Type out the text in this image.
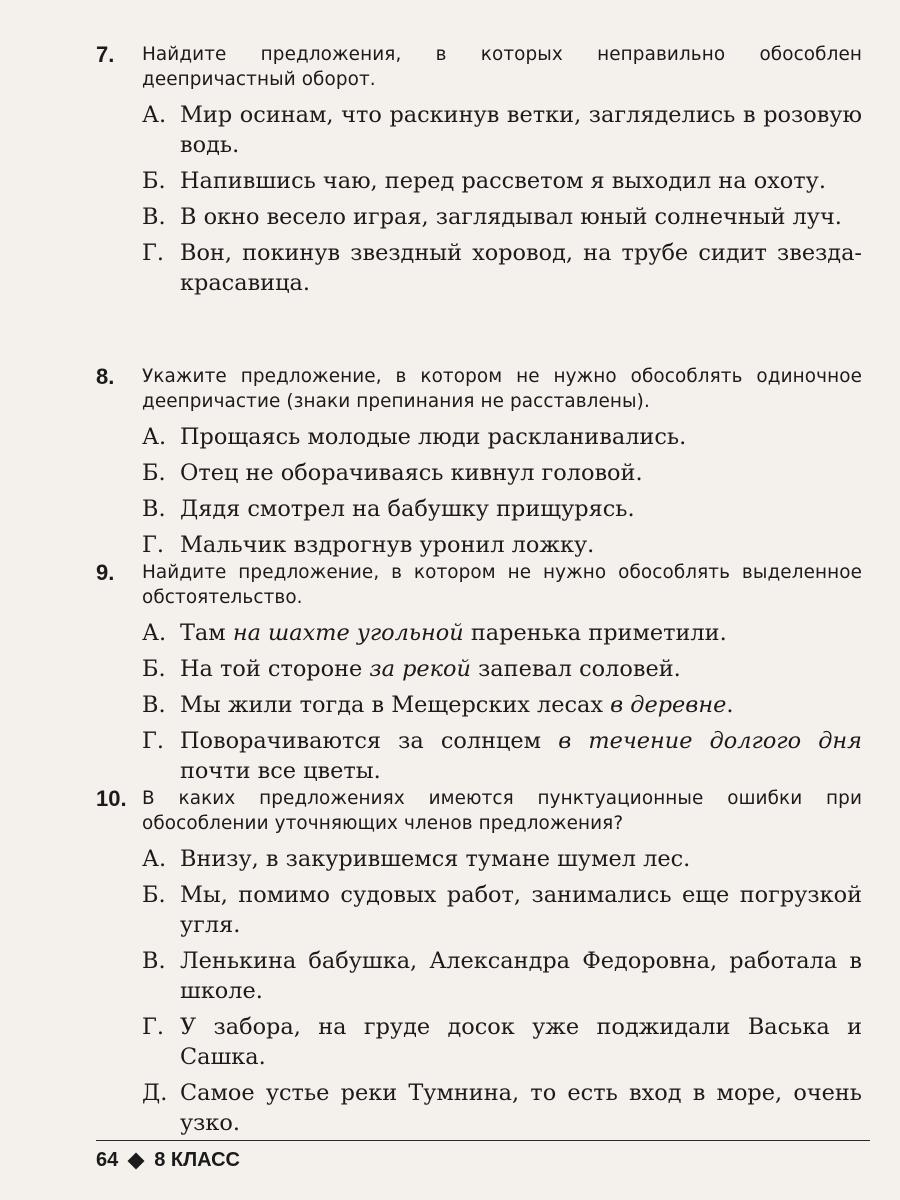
7. Найдите предложения, в которых неправильно обособлен деепричастный оборот.
А. Мир осинам, что раскинув ветки, загляделись в розовую водь.
Б. Напившись чаю, перед рассветом я выходил на охоту.
В. В окно весело играя, заглядывал юный солнечный луч.
Г. Вон, покинув звездный хоровод, на трубе сидит звезда-красавица.
8. Укажите предложение, в котором не нужно обособлять одиночное деепричастие (знаки препинания не расставлены).
А. Прощаясь молодые люди раскланивались.
Б. Отец не оборачиваясь кивнул головой.
В. Дядя смотрел на бабушку прищурясь.
Г. Мальчик вздрогнув уронил ложку.
9. Найдите предложение, в котором не нужно обособлять выделенное обстоятельство.
А. Там на шахте угольной паренька приметили.
Б. На той стороне за рекой запевал соловей.
В. Мы жили тогда в Мещерских лесах в деревне.
Г. Поворачиваются за солнцем в течение долгого дня почти все цветы.
10. В каких предложениях имеются пунктуационные ошибки при обособлении уточняющих членов предложения?
А. Внизу, в закурившемся тумане шумел лес.
Б. Мы, помимо судовых работ, занимались еще погрузкой угля.
В. Ленькина бабушка, Александра Федоровна, работала в школе.
Г. У забора, на груде досок уже поджидали Васька и Сашка.
Д. Самое устье реки Тумнина, то есть вход в море, очень узко.
64 8 КЛАСС
